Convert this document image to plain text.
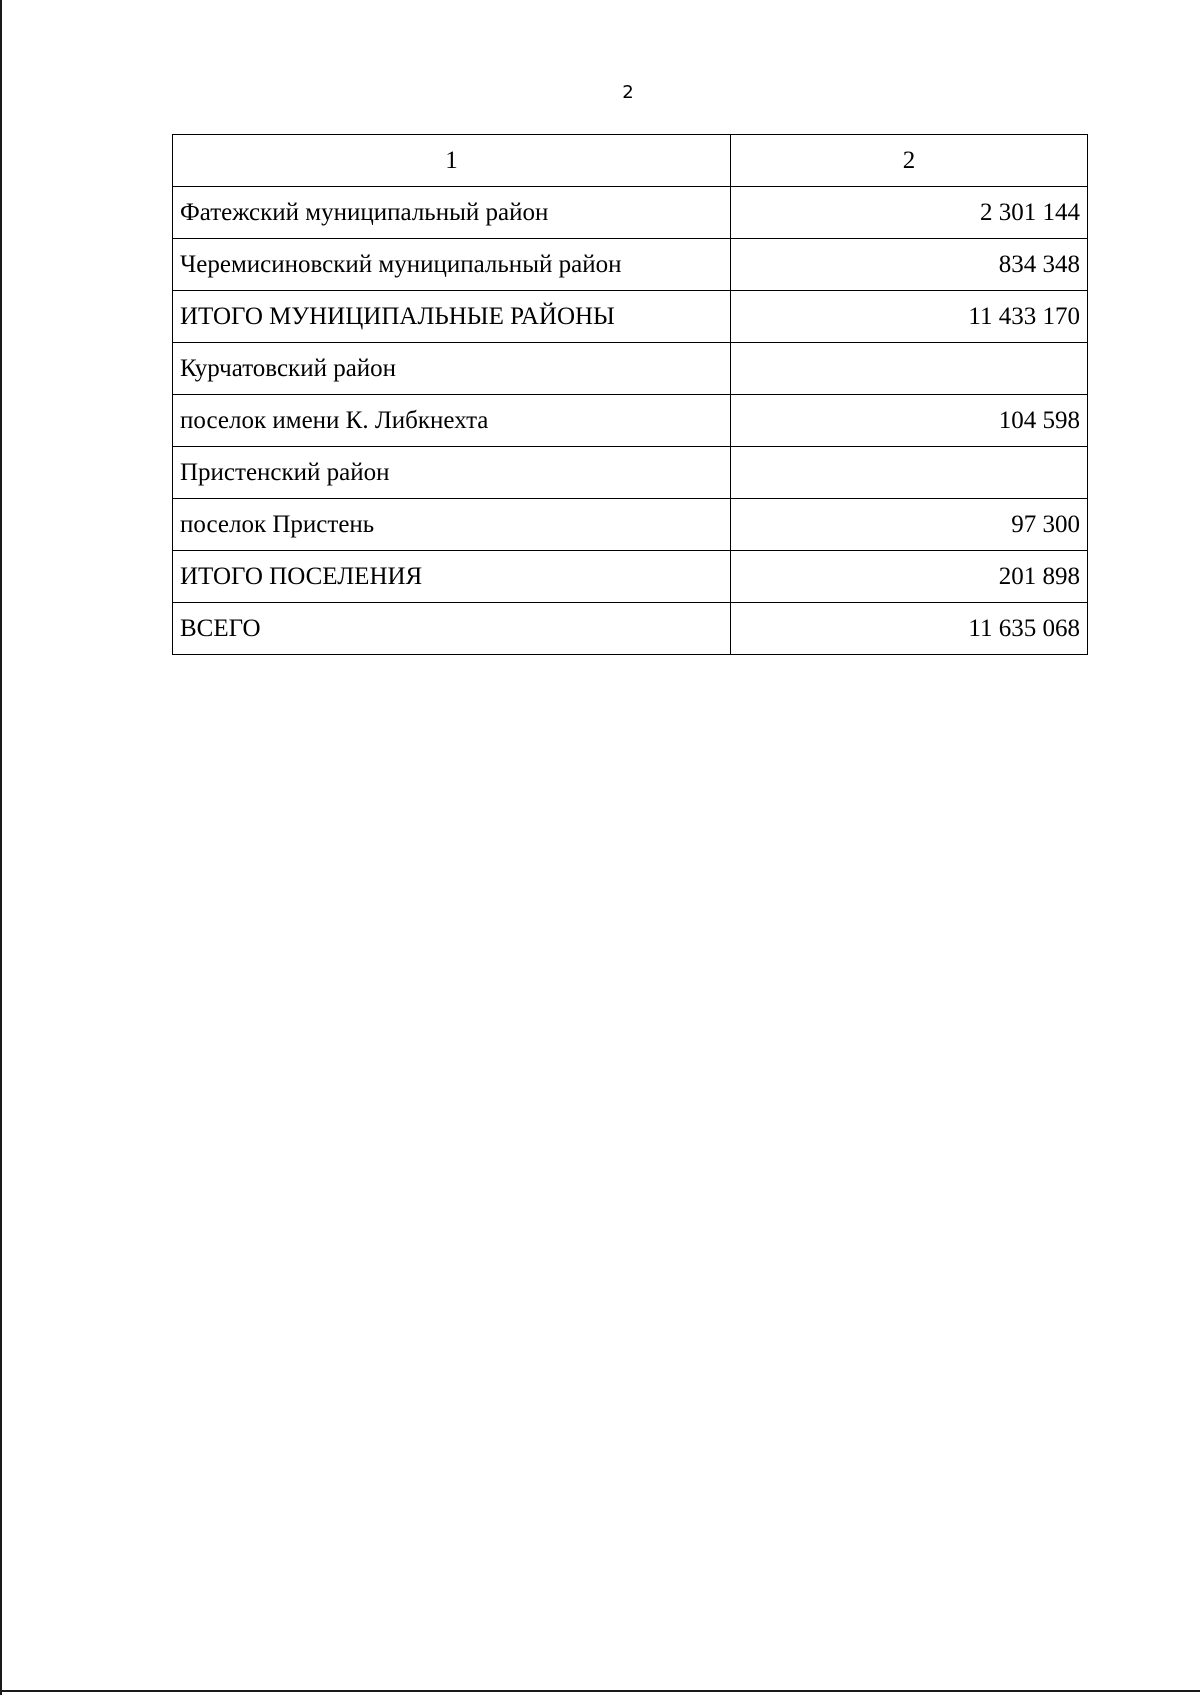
2
1	2
Фатежский муниципальный район	2 301 144
Черемисиновский муниципальный район	834 348
ИТОГО МУНИЦИПАЛЬНЫЕ РАЙОНЫ	11 433 170
Курчатовский район	
поселок имени К. Либкнехта	104 598
Пристенский район	
поселок Пристень	97 300
ИТОГО ПОСЕЛЕНИЯ	201 898
ВСЕГО	11 635 068
